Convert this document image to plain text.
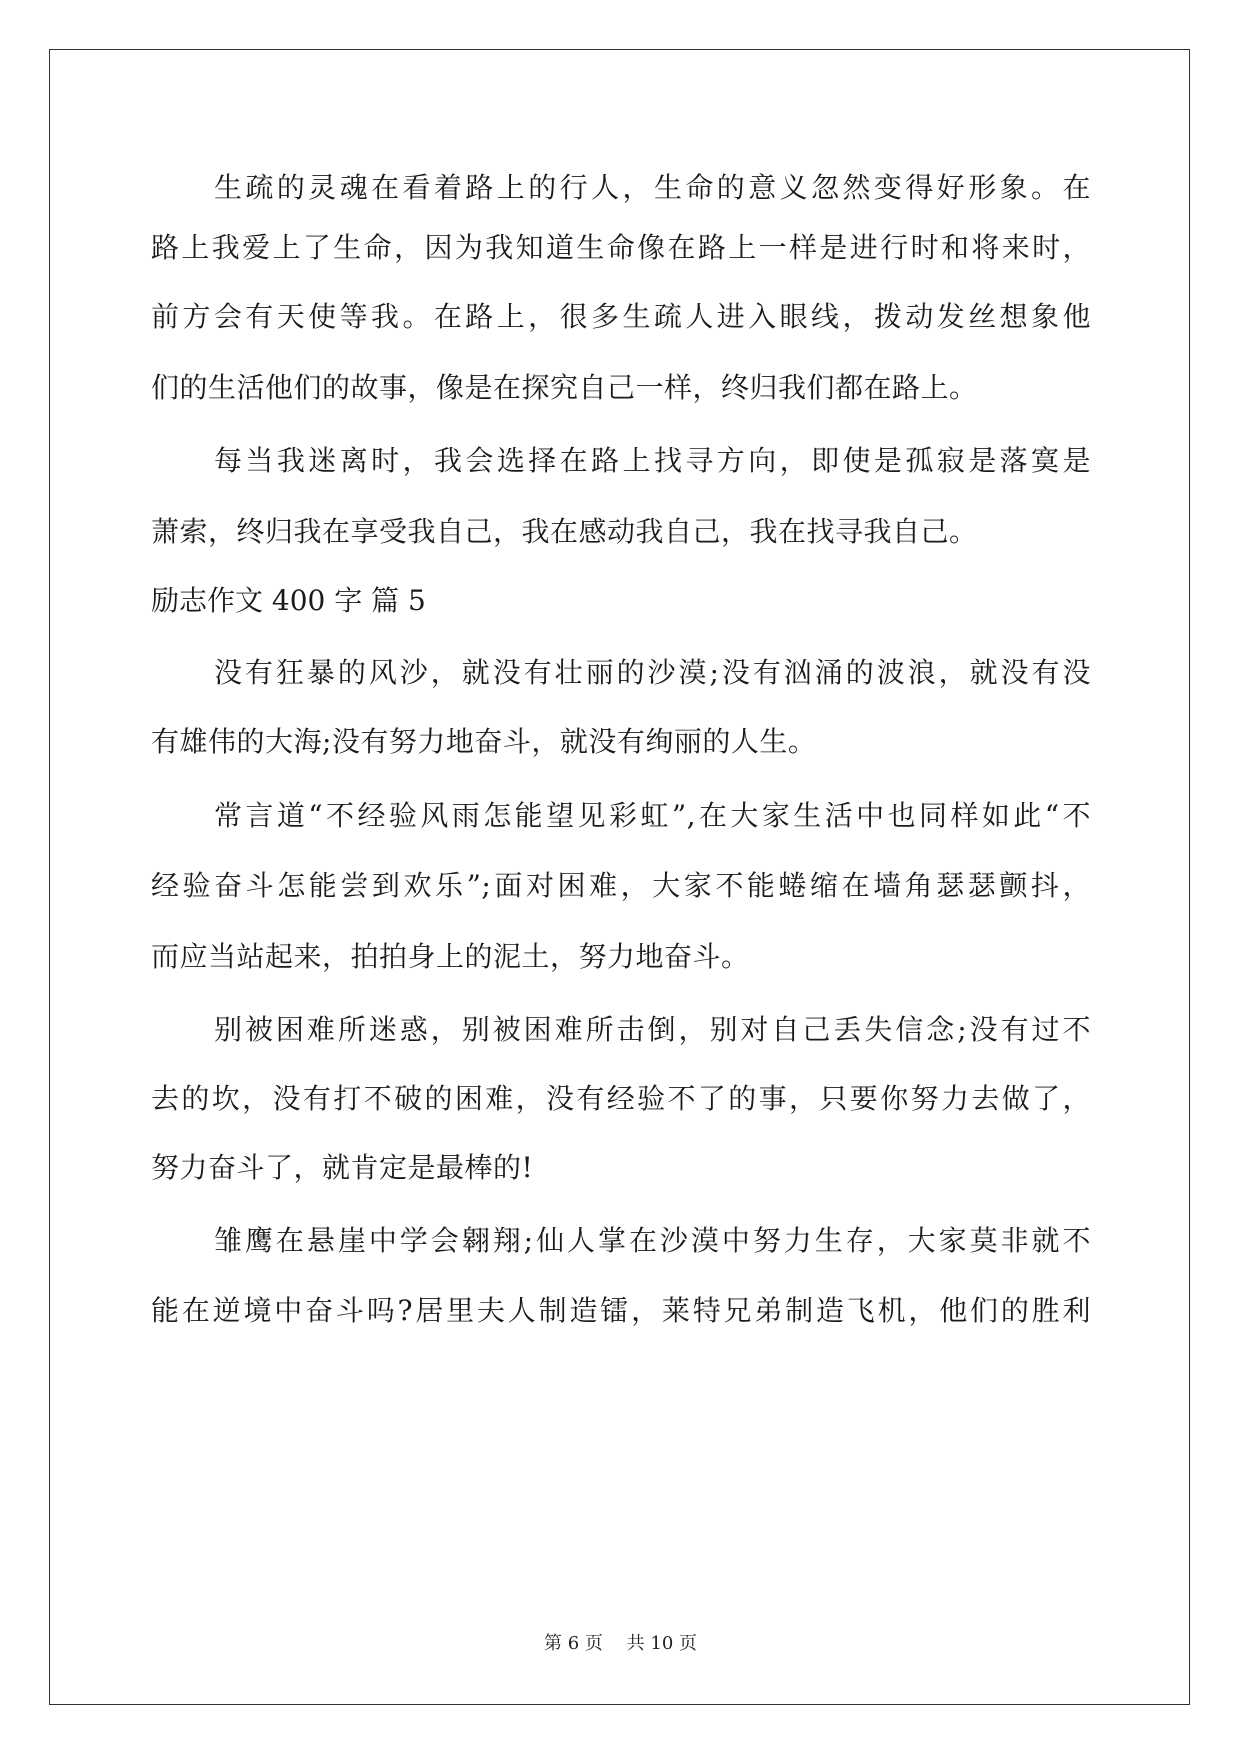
生疏的灵魂在看着路上的行人，生命的意义忽然变得好形象。在
路上我爱上了生命，因为我知道生命像在路上一样是进行时和将来时，
前方会有天使等我。在路上，很多生疏人进入眼线，拨动发丝想象他
们的生活他们的故事，像是在探究自己一样，终归我们都在路上。
每当我迷离时，我会选择在路上找寻方向，即使是孤寂是落寞是
萧索，终归我在享受我自己，我在感动我自己，我在找寻我自己。
励志作文 400 字 篇 5
没有狂暴的风沙，就没有壮丽的沙漠;没有汹涌的波浪，就没有没
有雄伟的大海;没有努力地奋斗，就没有绚丽的人生。
常言道“不经验风雨怎能望见彩虹”,在大家生活中也同样如此“不
经验奋斗怎能尝到欢乐”;面对困难，大家不能蜷缩在墙角瑟瑟颤抖，
而应当站起来，拍拍身上的泥土，努力地奋斗。
别被困难所迷惑，别被困难所击倒，别对自己丢失信念;没有过不
去的坎，没有打不破的困难，没有经验不了的事，只要你努力去做了，
努力奋斗了，就肯定是最棒的!
雏鹰在悬崖中学会翱翔;仙人掌在沙漠中努力生存，大家莫非就不
能在逆境中奋斗吗?居里夫人制造镭，莱特兄弟制造飞机，他们的胜利
第 6 页 共 10 页
